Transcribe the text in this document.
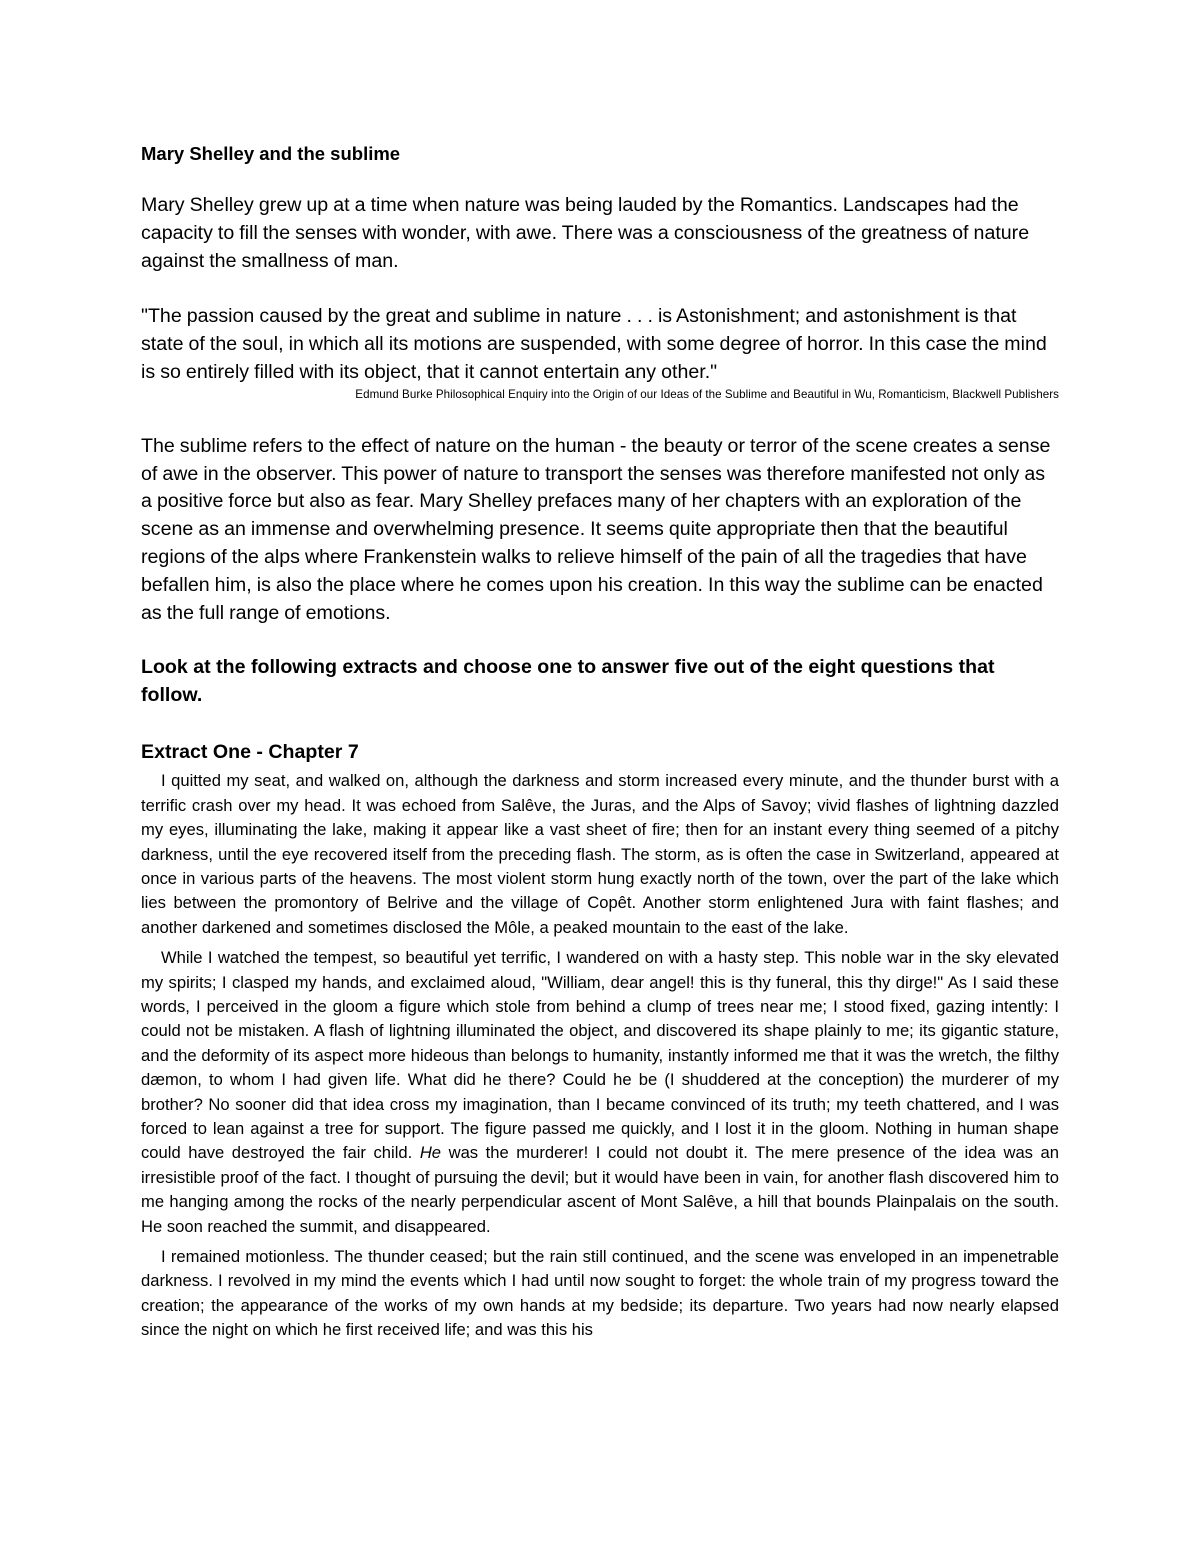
Mary Shelley and the sublime

Mary Shelley grew up at a time when nature was being lauded by the Romantics. Landscapes had the capacity to fill the senses with wonder, with awe. There was a consciousness of the greatness of nature against the smallness of man.

"The passion caused by the great and sublime in nature . . . is Astonishment; and astonishment is that state of the soul, in which all its motions are suspended, with some degree of horror. In this case the mind is so entirely filled with its object, that it cannot entertain any other."

Edmund Burke Philosophical Enquiry into the Origin of our Ideas of the Sublime and Beautiful in Wu, Romanticism, Blackwell Publishers

The sublime refers to the effect of nature on the human - the beauty or terror of the scene creates a sense of awe in the observer. This power of nature to transport the senses was therefore manifested not only as a positive force but also as fear. Mary Shelley prefaces many of her chapters with an exploration of the scene as an immense and overwhelming presence. It seems quite appropriate then that the beautiful regions of the alps where Frankenstein walks to relieve himself of the pain of all the tragedies that have befallen him, is also the place where he comes upon his creation. In this way the sublime can be enacted as the full range of emotions.

Look at the following extracts and choose one to answer five out of the eight questions that follow.
Extract One - Chapter 7

I quitted my seat, and walked on, although the darkness and storm increased every minute, and the thunder burst with a terrific crash over my head. It was echoed from Salêve, the Juras, and the Alps of Savoy; vivid flashes of lightning dazzled my eyes, illuminating the lake, making it appear like a vast sheet of fire; then for an instant every thing seemed of a pitchy darkness, until the eye recovered itself from the preceding flash. The storm, as is often the case in Switzerland, appeared at once in various parts of the heavens. The most violent storm hung exactly north of the town, over the part of the lake which lies between the promontory of Belrive and the village of Copêt. Another storm enlightened Jura with faint flashes; and another darkened and sometimes disclosed the Môle, a peaked mountain to the east of the lake.

While I watched the tempest, so beautiful yet terrific, I wandered on with a hasty step. This noble war in the sky elevated my spirits; I clasped my hands, and exclaimed aloud, "William, dear angel! this is thy funeral, this thy dirge!" As I said these words, I perceived in the gloom a figure which stole from behind a clump of trees near me; I stood fixed, gazing intently: I could not be mistaken. A flash of lightning illuminated the object, and discovered its shape plainly to me; its gigantic stature, and the deformity of its aspect more hideous than belongs to humanity, instantly informed me that it was the wretch, the filthy dæmon, to whom I had given life. What did he there? Could he be (I shuddered at the conception) the murderer of my brother? No sooner did that idea cross my imagination, than I became convinced of its truth; my teeth chattered, and I was forced to lean against a tree for support. The figure passed me quickly, and I lost it in the gloom. Nothing in human shape could have destroyed the fair child. He was the murderer! I could not doubt it. The mere presence of the idea was an irresistible proof of the fact. I thought of pursuing the devil; but it would have been in vain, for another flash discovered him to me hanging among the rocks of the nearly perpendicular ascent of Mont Salêve, a hill that bounds Plainpalais on the south. He soon reached the summit, and disappeared.

I remained motionless. The thunder ceased; but the rain still continued, and the scene was enveloped in an impenetrable darkness. I revolved in my mind the events which I had until now sought to forget: the whole train of my progress toward the creation; the appearance of the works of my own hands at my bedside; its departure. Two years had now nearly elapsed since the night on which he first received life; and was this his
